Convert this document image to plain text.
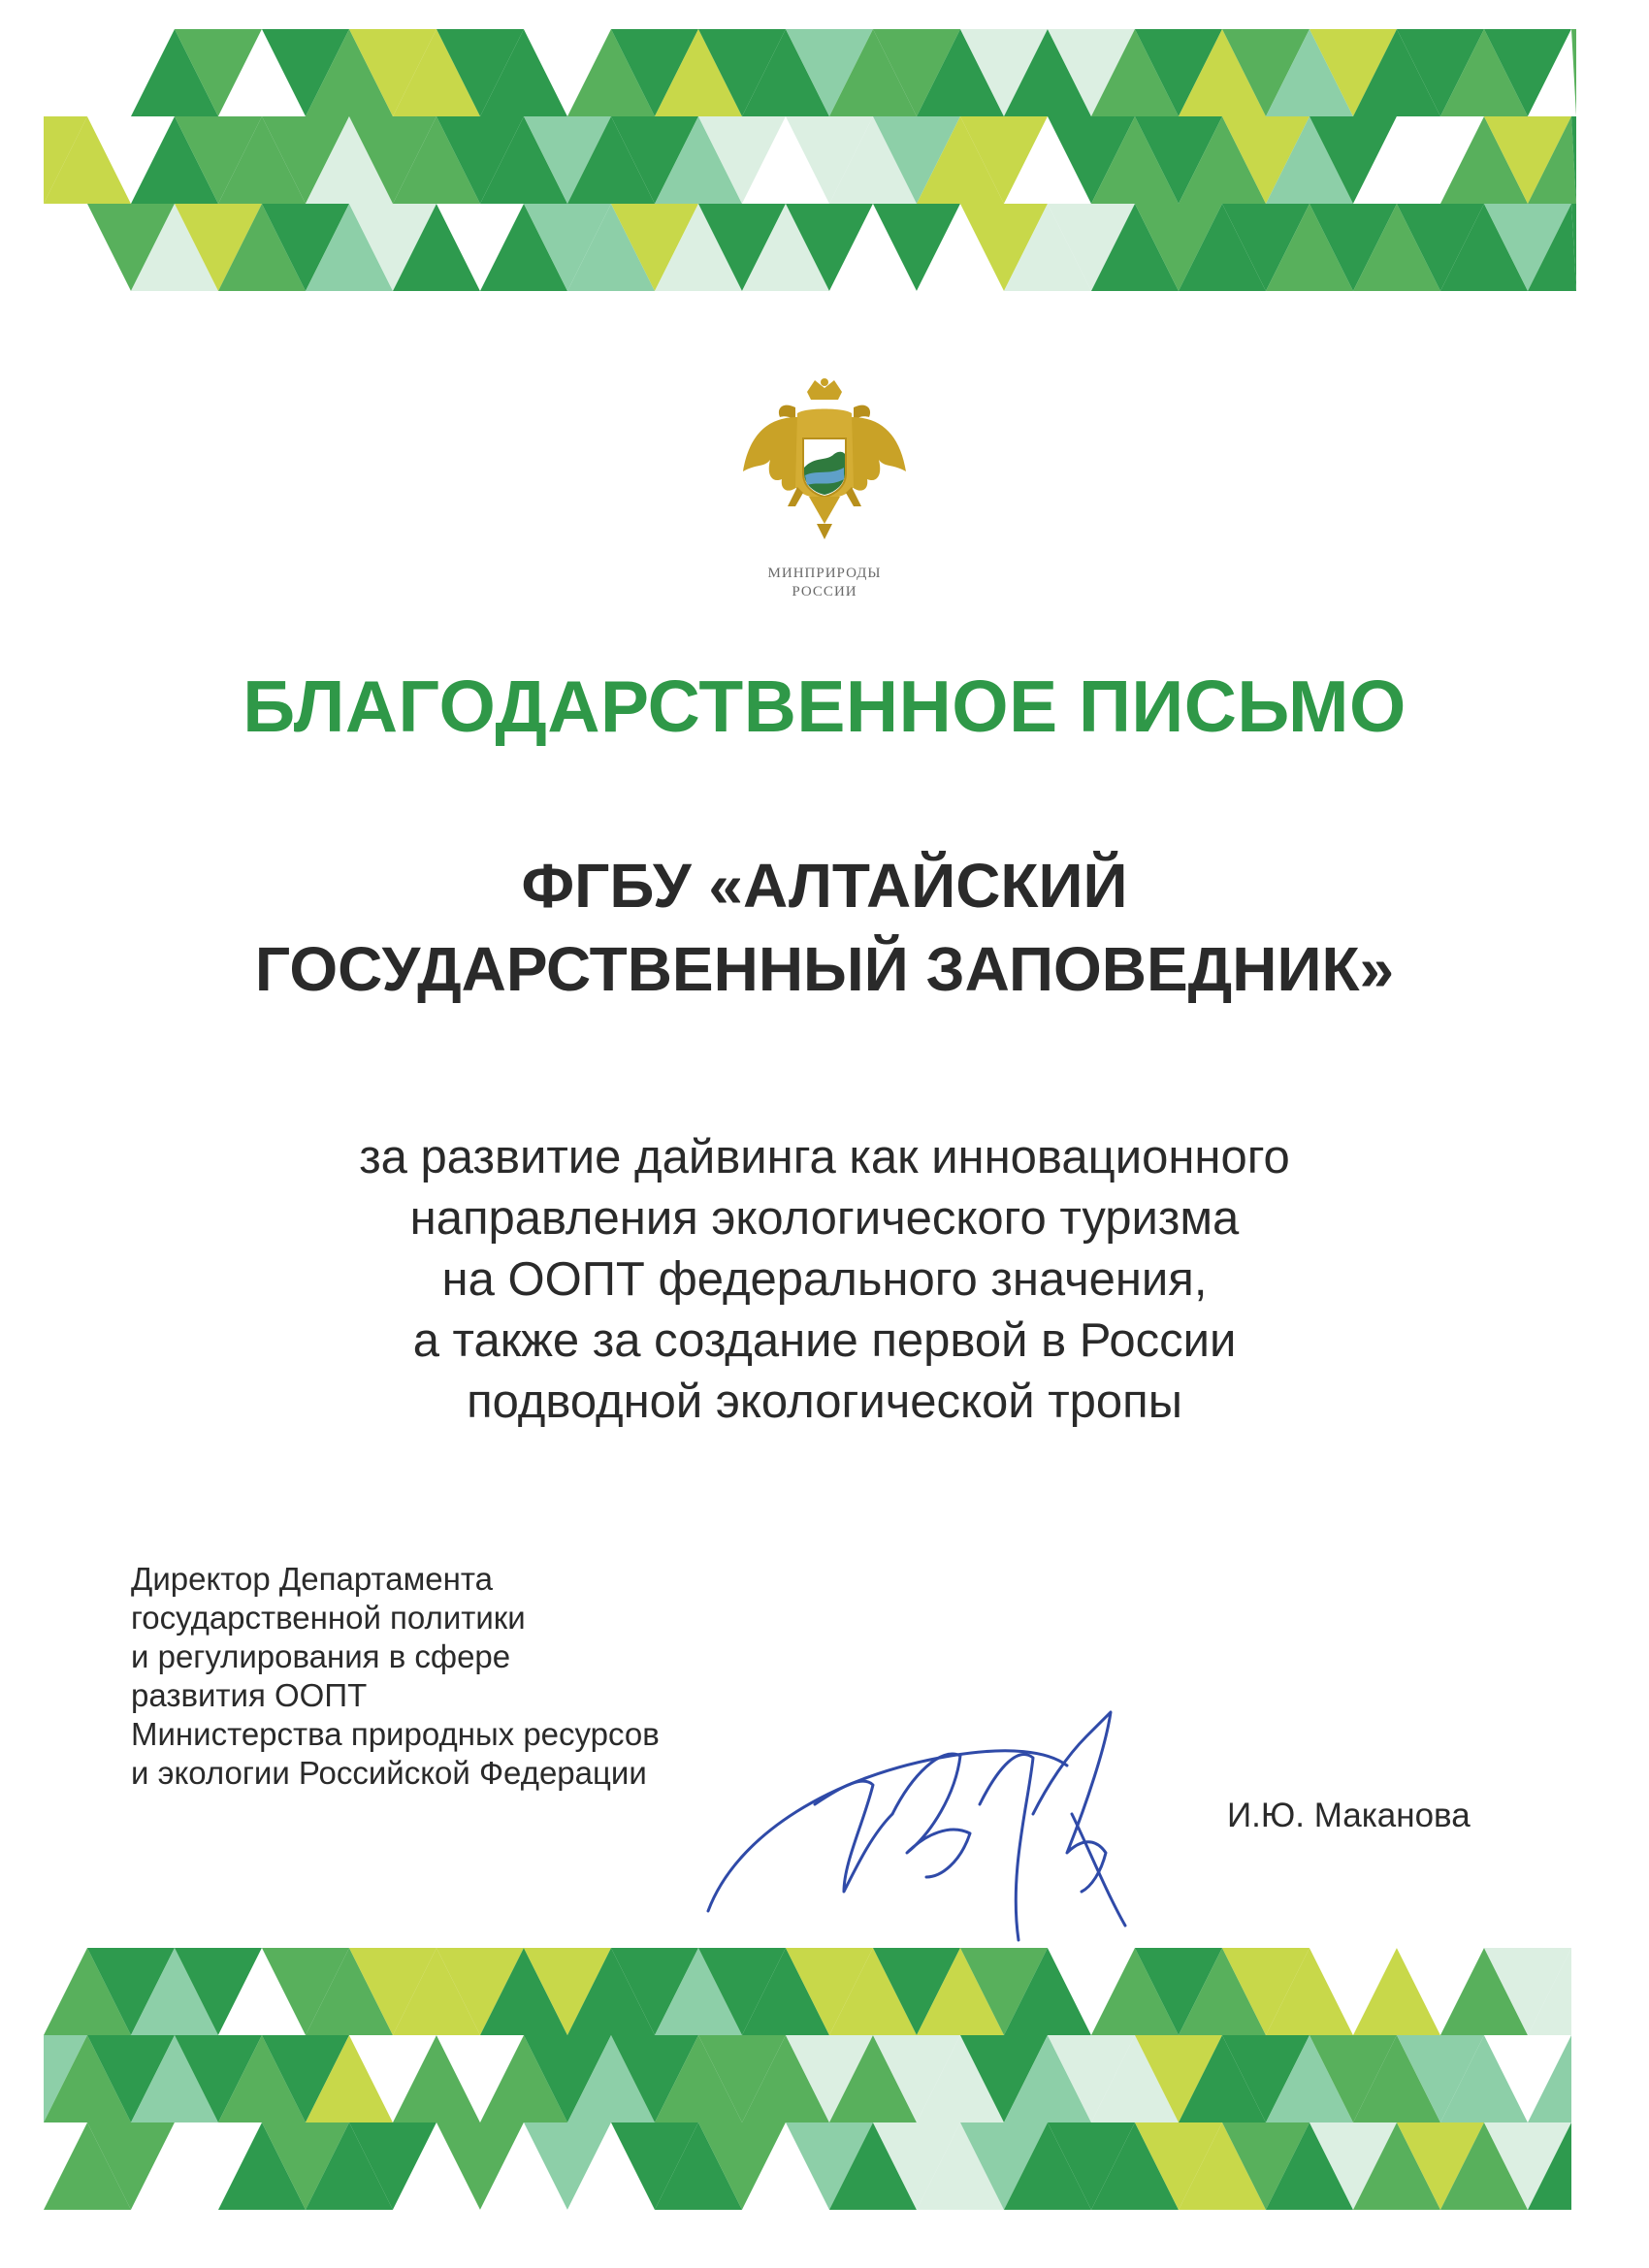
МИНПРИРОДЫ
РОССИИ
БЛАГОДАРСТВЕННОЕ ПИСЬМО
ФГБУ «АЛТАЙСКИЙ
ГОСУДАРСТВЕННЫЙ ЗАПОВЕДНИК»
за развитие дайвинга как инновационного
направления экологического туризма
на ООПТ федерального значения,
а также за создание первой в России
подводной экологической тропы
Директор Департамента
государственной политики
и регулирования в сфере
развития ООПТ
Министерства природных ресурсов
и экологии Российской Федерации
И.Ю. Маканова
